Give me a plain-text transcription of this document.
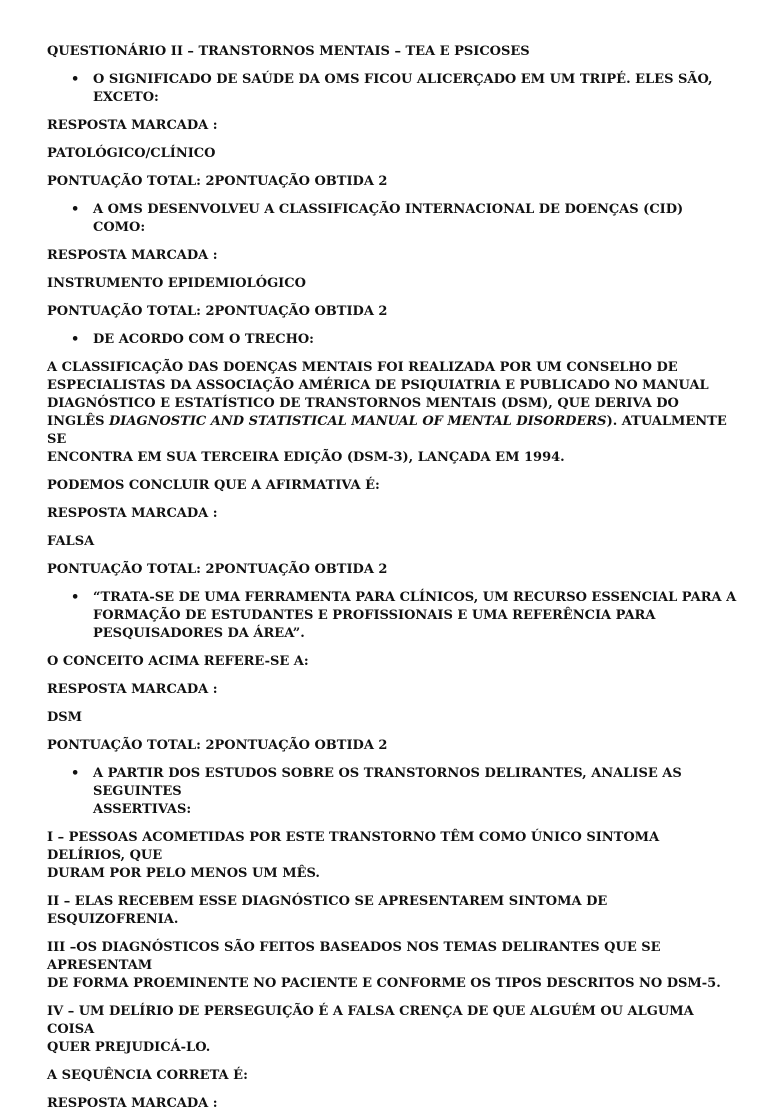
QUESTIONÁRIO II – TRANSTORNOS MENTAIS – TEA E PSICOSES
• O SIGNIFICADO DE SAÚDE DA OMS FICOU ALICERÇADO EM UM TRIPÉ. ELES SÃO, EXCETO:
RESPOSTA MARCADA :
PATOLÓGICO/CLÍNICO
PONTUAÇÃO TOTAL: 2PONTUAÇÃO OBTIDA 2
• A OMS DESENVOLVEU A CLASSIFICAÇÃO INTERNACIONAL DE DOENÇAS (CID) COMO:
RESPOSTA MARCADA :
INSTRUMENTO EPIDEMIOLÓGICO
PONTUAÇÃO TOTAL: 2PONTUAÇÃO OBTIDA 2
• DE ACORDO COM O TRECHO:
A CLASSIFICAÇÃO DAS DOENÇAS MENTAIS FOI REALIZADA POR UM CONSELHO DE
ESPECIALISTAS DA ASSOCIAÇÃO AMÉRICA DE PSIQUIATRIA E PUBLICADO NO MANUAL
DIAGNÓSTICO E ESTATÍSTICO DE TRANSTORNOS MENTAIS (DSM), QUE DERIVA DO
INGLÊS DIAGNOSTIC AND STATISTICAL MANUAL OF MENTAL DISORDERS). ATUALMENTE SE
ENCONTRA EM SUA TERCEIRA EDIÇÃO (DSM-3), LANÇADA EM 1994.
PODEMOS CONCLUIR QUE A AFIRMATIVA É:
RESPOSTA MARCADA :
FALSA
PONTUAÇÃO TOTAL: 2PONTUAÇÃO OBTIDA 2
• “TRATA-SE DE UMA FERRAMENTA PARA CLÍNICOS, UM RECURSO ESSENCIAL PARA A
FORMAÇÃO DE ESTUDANTES E PROFISSIONAIS E UMA REFERÊNCIA PARA
PESQUISADORES DA ÁREA”.
O CONCEITO ACIMA REFERE-SE A:
RESPOSTA MARCADA :
DSM
PONTUAÇÃO TOTAL: 2PONTUAÇÃO OBTIDA 2
• A PARTIR DOS ESTUDOS SOBRE OS TRANSTORNOS DELIRANTES, ANALISE AS SEGUINTES
ASSERTIVAS:
I – PESSOAS ACOMETIDAS POR ESTE TRANSTORNO TÊM COMO ÚNICO SINTOMA DELÍRIOS, QUE
DURAM POR PELO MENOS UM MÊS.
II – ELAS RECEBEM ESSE DIAGNÓSTICO SE APRESENTAREM SINTOMA DE ESQUIZOFRENIA.
III –OS DIAGNÓSTICOS SÃO FEITOS BASEADOS NOS TEMAS DELIRANTES QUE SE APRESENTAM
DE FORMA PROEMINENTE NO PACIENTE E CONFORME OS TIPOS DESCRITOS NO DSM-5.
IV – UM DELÍRIO DE PERSEGUIÇÃO É A FALSA CRENÇA DE QUE ALGUÉM OU ALGUMA COISA
QUER PREJUDICÁ-LO.
A SEQUÊNCIA CORRETA É:
RESPOSTA MARCADA :
